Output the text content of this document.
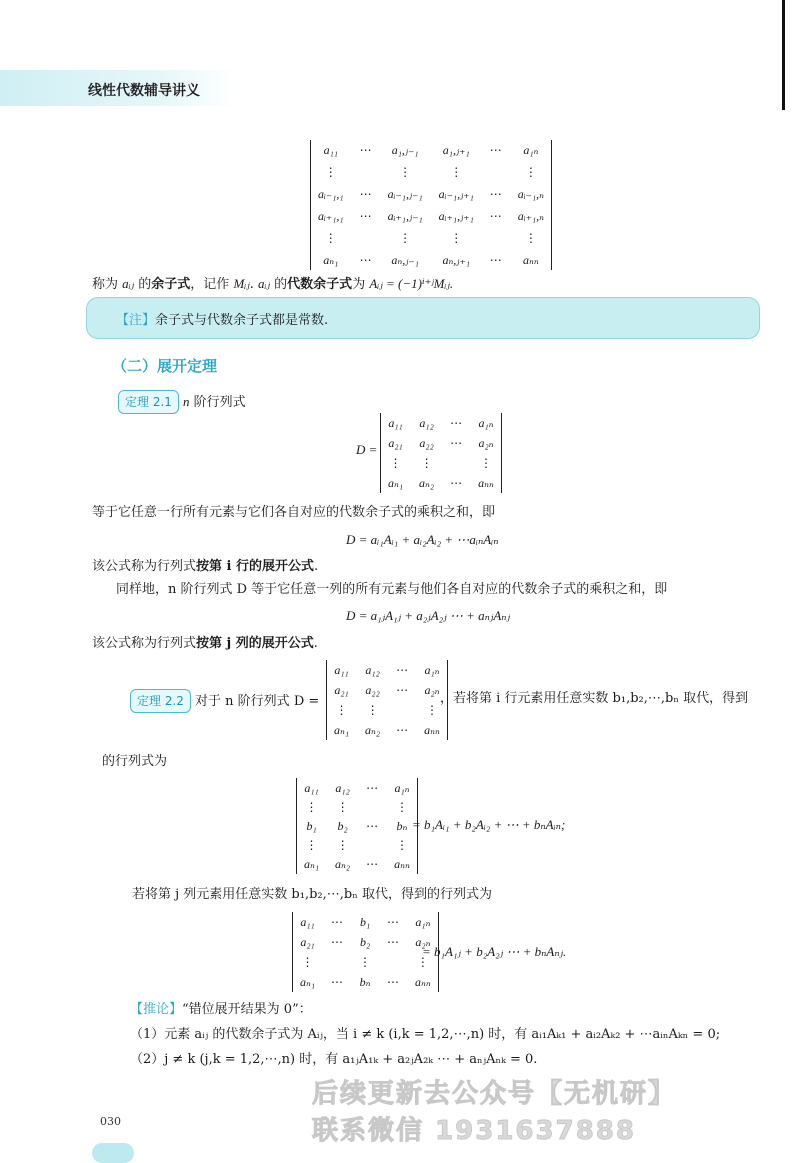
线性代数辅导讲义
a₁₁	⋯	a₁,ⱼ₋₁	a₁,ⱼ₊₁	⋯	a₁ₙ
⋮	⋮	⋮	⋮
aᵢ₋₁,₁ ⋯ aᵢ₋₁,ⱼ₋₁ aᵢ₋₁,ⱼ₊₁ ⋯ aᵢ₋₁,ₙ
aᵢ₊₁,₁ ⋯ aᵢ₊₁,ⱼ₋₁ aᵢ₊₁,ⱼ₊₁ ⋯ aᵢ₊₁,ₙ
⋮	⋮	⋮	⋮
aₙ₁	⋯	aₙ,ⱼ₋₁	aₙ,ⱼ₊₁	⋯	aₙₙ
称为 aᵢⱼ 的余子式，记作 Mᵢⱼ. aᵢⱼ 的代数余子式为 Aᵢⱼ = (−1)ⁱ⁺ʲMᵢⱼ.
【注】余子式与代数余子式都是常数.
（二）展开定理
定理 2.1 n 阶行列式
D =
a₁₁ a₁₂ ⋯ a₁ₙ
a₂₁ a₂₂ ⋯ a₂ₙ
⋮ ⋮	⋮
aₙ₁ aₙ₂ ⋯ aₙₙ
等于它任意一行所有元素与它们各自对应的代数余子式的乘积之和，即
D = aᵢ₁Aᵢ₁ + aᵢ₂Aᵢ₂ + ⋯aᵢₙAᵢₙ
该公式称为行列式按第 i 行的展开公式.
同样地，n 阶行列式 D 等于它任意一列的所有元素与他们各自对应的代数余子式的乘积之和，即
D = a₁ⱼA₁ⱼ + a₂ⱼA₂ⱼ ⋯ + aₙⱼAₙⱼ
该公式称为行列式按第 j 列的展开公式.
定理 2.2 对于 n 阶行列式 D =
a₁₁ a₁₂ ⋯ a₁ₙ
a₂₁ a₂₂ ⋯ a₂ₙ
⋮ ⋮	⋮
aₙ₁ aₙ₂ ⋯ aₙₙ
，若将第 i 行元素用任意实数 b₁,b₂,⋯,bₙ 取代，得到
的行列式为
a₁₁ a₁₂ ⋯ a₁ₙ
⋮ ⋮	⋮
b₁ b₂ ⋯ bₙ
⋮ ⋮	⋮
aₙ₁ aₙ₂ ⋯ aₙₙ
= b₁Aᵢ₁ + b₂Aᵢ₂ + ⋯ + bₙAᵢₙ;
若将第 j 列元素用任意实数 b₁,b₂,⋯,bₙ 取代，得到的行列式为
a₁₁ ⋯ b₁ ⋯ a₁ₙ
a₂₁ ⋯ b₂ ⋯ a₂ₙ
⋮	⋮	⋮
aₙ₁ ⋯ bₙ ⋯ aₙₙ
= b₁A₁ⱼ + b₂A₂ⱼ ⋯ + bₙAₙⱼ.
【推论】“错位展开结果为 0”：
（1）元素 aᵢⱼ 的代数余子式为 Aᵢⱼ，当 i ≠ k (i,k = 1,2,⋯,n) 时，有 aᵢ₁Aₖ₁ + aᵢ₂Aₖ₂ + ⋯aᵢₙAₖₙ = 0;
（2）j ≠ k (j,k = 1,2,⋯,n) 时，有 a₁ⱼA₁ₖ + a₂ⱼA₂ₖ ⋯ + aₙⱼAₙₖ = 0.
030
后续更新去公众号【无机研】
联系微信 19316378​88
